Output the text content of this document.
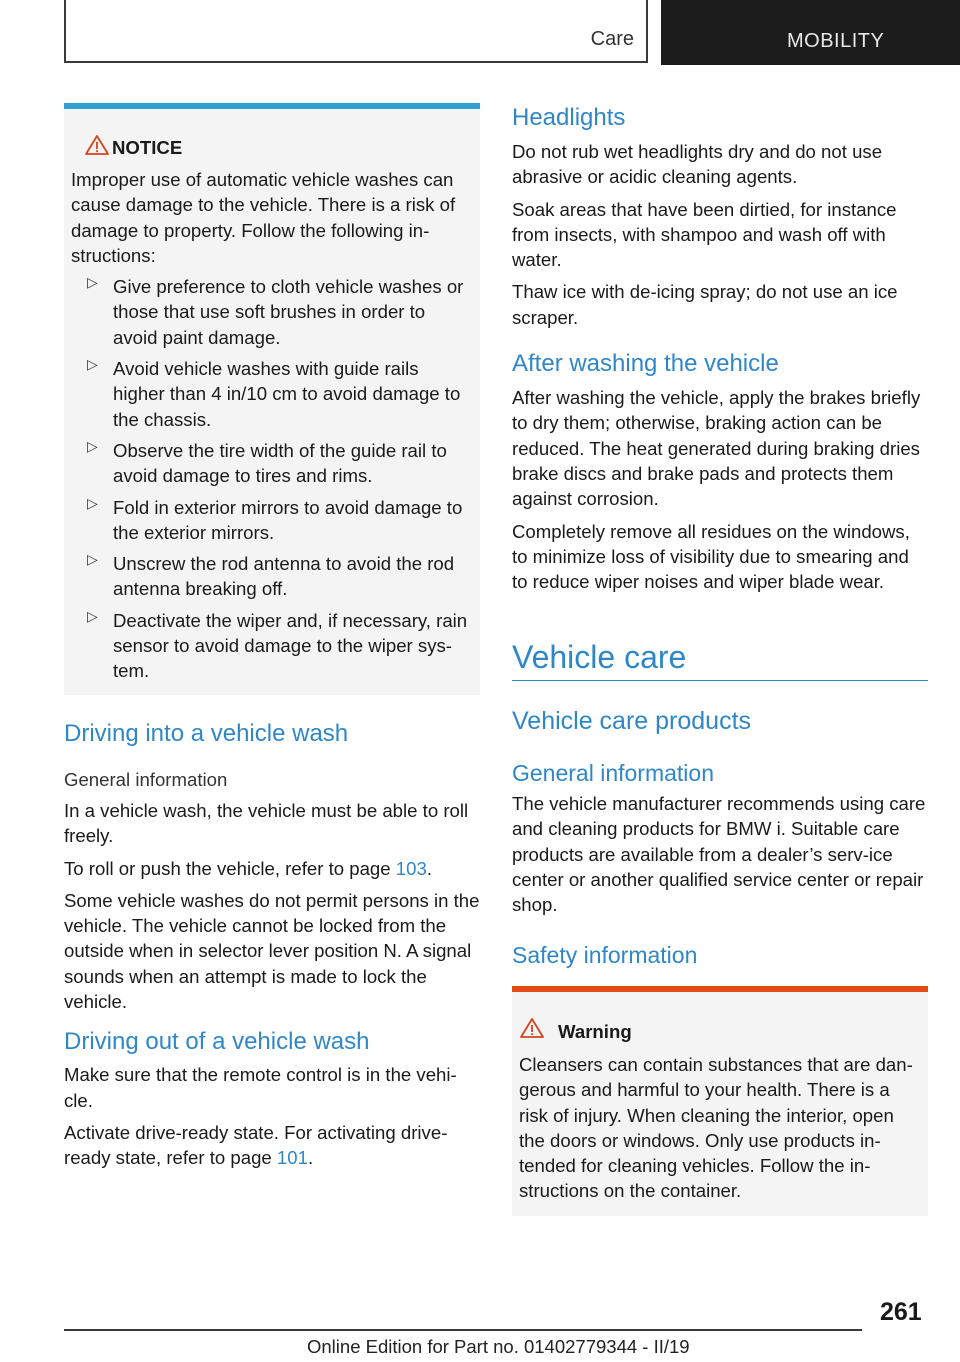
Care	MOBILITY
NOTICE

Improper use of automatic vehicle washes can cause damage to the vehicle. There is a risk of damage to property. Follow the following in-structions:

▷ Give preference to cloth vehicle washes or those that use soft brushes in order to avoid paint damage.
▷ Avoid vehicle washes with guide rails higher than 4 in/10 cm to avoid damage to the chassis.
▷ Observe the tire width of the guide rail to avoid damage to tires and rims.
▷ Fold in exterior mirrors to avoid damage to the exterior mirrors.
▷ Unscrew the rod antenna to avoid the rod antenna breaking off.
▷ Deactivate the wiper and, if necessary, rain sensor to avoid damage to the wiper sys-tem.
Driving into a vehicle wash

General information

In a vehicle wash, the vehicle must be able to roll freely.

To roll or push the vehicle, refer to page 103.

Some vehicle washes do not permit persons in the vehicle. The vehicle cannot be locked from the outside when in selector lever position N. A signal sounds when an attempt is made to lock the vehicle.

Driving out of a vehicle wash

Make sure that the remote control is in the vehi-cle.

Activate drive-ready state. For activating drive-ready state, refer to page 101.

Headlights

Do not rub wet headlights dry and do not use abrasive or acidic cleaning agents.

Soak areas that have been dirtied, for instance from insects, with shampoo and wash off with water.

Thaw ice with de-icing spray; do not use an ice scraper.

After washing the vehicle

After washing the vehicle, apply the brakes briefly to dry them; otherwise, braking action can be reduced. The heat generated during braking dries brake discs and brake pads and protects them against corrosion.

Completely remove all residues on the windows, to minimize loss of visibility due to smearing and to reduce wiper noises and wiper blade wear.

Vehicle care
Vehicle care products
General information

The vehicle manufacturer recommends using care and cleaning products for BMW i. Suitable care products are available from a dealer’s serv-ice center or another qualified service center or repair shop.

Safety information
Warning

Cleansers can contain substances that are dan-gerous and harmful to your health. There is a risk of injury. When cleaning the interior, open the doors or windows. Only use products in-tended for cleaning vehicles. Follow the in-structions on the container.

261
Online Edition for Part no. 01402779344 - II/19
